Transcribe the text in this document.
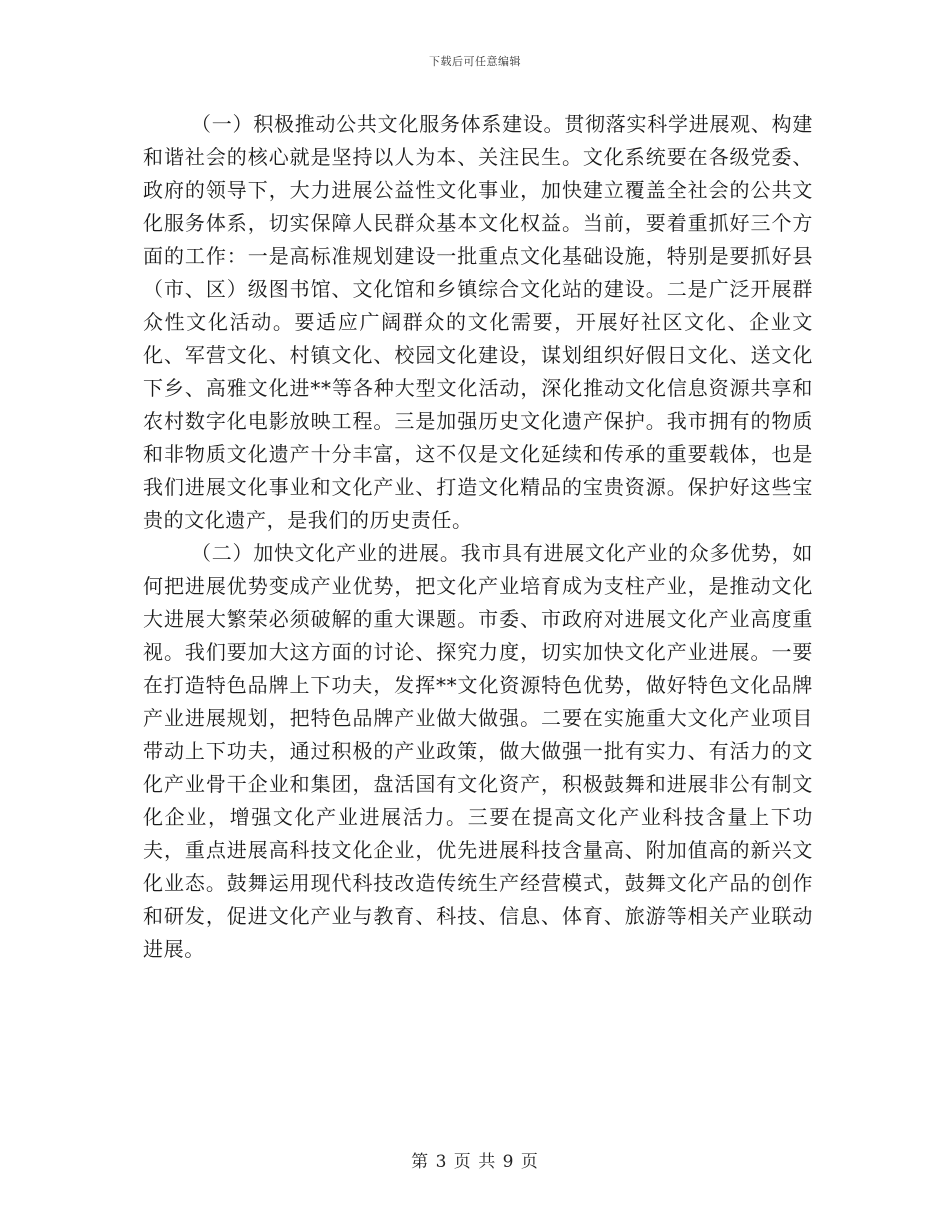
下载后可任意编辑

（一）积极推动公共文化服务体系建设。贯彻落实科学进展观、构建和谐社会的核心就是坚持以人为本、关注民生。文化系统要在各级党委、政府的领导下，大力进展公益性文化事业，加快建立覆盖全社会的公共文化服务体系，切实保障人民群众基本文化权益。当前，要着重抓好三个方面的工作：一是高标准规划建设一批重点文化基础设施，特别是要抓好县（市、区）级图书馆、文化馆和乡镇综合文化站的建设。二是广泛开展群众性文化活动。要适应广阔群众的文化需要，开展好社区文化、企业文化、军营文化、村镇文化、校园文化建设，谋划组织好假日文化、送文化下乡、高雅文化进**等各种大型文化活动，深化推动文化信息资源共享和农村数字化电影放映工程。三是加强历史文化遗产保护。我市拥有的物质和非物质文化遗产十分丰富，这不仅是文化延续和传承的重要载体，也是我们进展文化事业和文化产业、打造文化精品的宝贵资源。保护好这些宝贵的文化遗产，是我们的历史责任。

（二）加快文化产业的进展。我市具有进展文化产业的众多优势，如何把进展优势变成产业优势，把文化产业培育成为支柱产业，是推动文化大进展大繁荣必须破解的重大课题。市委、市政府对进展文化产业高度重视。我们要加大这方面的讨论、探究力度，切实加快文化产业进展。一要在打造特色品牌上下功夫，发挥**文化资源特色优势，做好特色文化品牌产业进展规划，把特色品牌产业做大做强。二要在实施重大文化产业项目带动上下功夫，通过积极的产业政策，做大做强一批有实力、有活力的文化产业骨干企业和集团，盘活国有文化资产，积极鼓舞和进展非公有制文化企业，增强文化产业进展活力。三要在提高文化产业科技含量上下功夫，重点进展高科技文化企业，优先进展科技含量高、附加值高的新兴文化业态。鼓舞运用现代科技改造传统生产经营模式，鼓舞文化产品的创作和研发，促进文化产业与教育、科技、信息、体育、旅游等相关产业联动进展。

第 3 页 共 9 页
